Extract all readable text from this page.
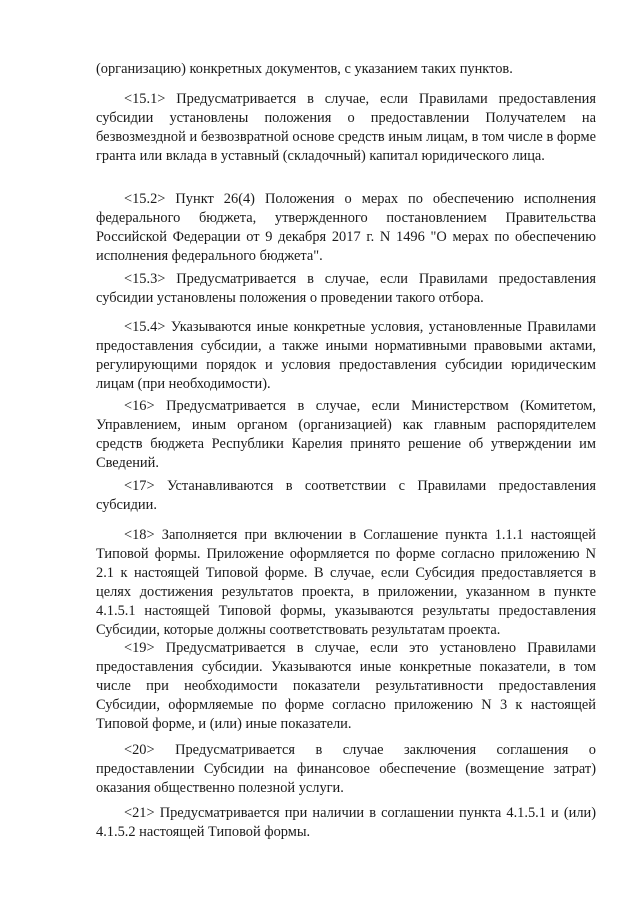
(организацию) конкретных документов, с указанием таких пунктов.

<15.1> Предусматривается в случае, если Правилами предоставления субсидии установлены положения о предоставлении Получателем на безвозмездной и безвозвратной основе средств иным лицам, в том числе в форме гранта или вклада в уставный (складочный) капитал юридического лица.

<15.2> Пункт 26(4) Положения о мерах по обеспечению исполнения федерального бюджета, утвержденного постановлением Правительства Российской Федерации от 9 декабря 2017 г. N 1496 "О мерах по обеспечению исполнения федерального бюджета".

<15.3> Предусматривается в случае, если Правилами предоставления субсидии установлены положения о проведении такого отбора.

<15.4> Указываются иные конкретные условия, установленные Правилами предоставления субсидии, а также иными нормативными правовыми актами, регулирующими порядок и условия предоставления субсидии юридическим лицам (при необходимости).

<16> Предусматривается в случае, если Министерством (Комитетом, Управлением, иным органом (организацией) как главным распорядителем средств бюджета Республики Карелия принято решение об утверждении им Сведений.

<17> Устанавливаются в соответствии с Правилами предоставления субсидии.

<18> Заполняется при включении в Соглашение пункта 1.1.1 настоящей Типовой формы. Приложение оформляется по форме согласно приложению N 2.1 к настоящей Типовой форме. В случае, если Субсидия предоставляется в целях достижения результатов проекта, в приложении, указанном в пункте 4.1.5.1 настоящей Типовой формы, указываются результаты предоставления Субсидии, которые должны соответствовать результатам проекта.

<19> Предусматривается в случае, если это установлено Правилами предоставления субсидии. Указываются иные конкретные показатели, в том числе при необходимости показатели результативности предоставления Субсидии, оформляемые по форме согласно приложению N 3 к настоящей Типовой форме, и (или) иные показатели.

<20> Предусматривается в случае заключения соглашения о предоставлении Субсидии на финансовое обеспечение (возмещение затрат) оказания общественно полезной услуги.

<21> Предусматривается при наличии в соглашении пункта 4.1.5.1 и (или) 4.1.5.2 настоящей Типовой формы.
